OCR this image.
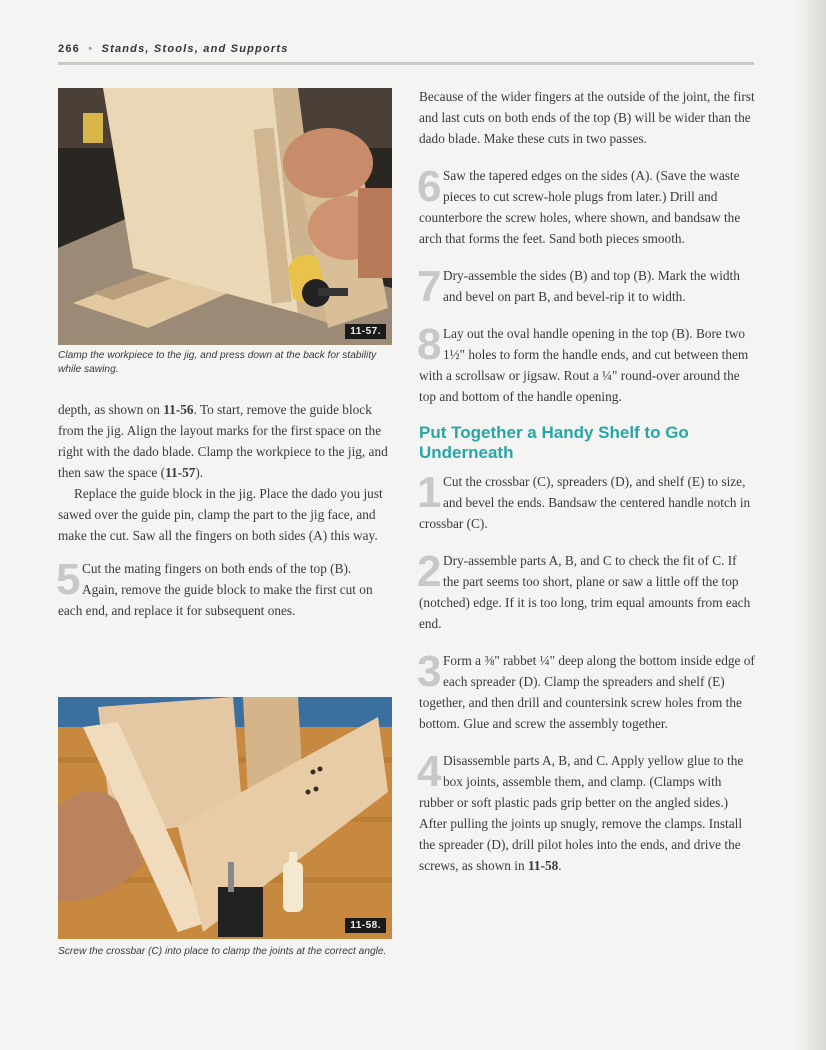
266 • Stands, Stools, and Supports
11-57.
Clamp the workpiece to the jig, and press down at the back for stability while sawing.

depth, as shown on 11-56. To start, remove the guide block from the jig. Align the layout marks for the first space on the right with the dado blade. Clamp the workpiece to the jig, and then saw the space (11-57).

Replace the guide block in the jig. Place the dado you just sawed over the guide pin, clamp the part to the jig face, and make the cut. Saw all the fingers on both sides (A) this way.

5 Cut the mating fingers on both ends of the top (B). Again, remove the guide block to make the first cut on each end, and replace it for subsequent ones.

11-58.
Screw the crossbar (C) into place to clamp the joints at the correct angle.

Because of the wider fingers at the outside of the joint, the first and last cuts on both ends of the top (B) will be wider than the dado blade. Make these cuts in two passes.

6 Saw the tapered edges on the sides (A). (Save the waste pieces to cut screw-hole plugs from later.) Drill and counterbore the screw holes, where shown, and bandsaw the arch that forms the feet. Sand both pieces smooth.

7 Dry-assemble the sides (B) and top (B). Mark the width and bevel on part B, and bevel-rip it to width.

8 Lay out the oval handle opening in the top (B). Bore two 1½" holes to form the handle ends, and cut between them with a scrollsaw or jigsaw. Rout a ¼" round-over around the top and bottom of the handle opening.

Put Together a Handy Shelf to Go Underneath

1 Cut the crossbar (C), spreaders (D), and shelf (E) to size, and bevel the ends. Bandsaw the centered handle notch in crossbar (C).

2 Dry-assemble parts A, B, and C to check the fit of C. If the part seems too short, plane or saw a little off the top (notched) edge. If it is too long, trim equal amounts from each end.

3 Form a ⅜" rabbet ¼" deep along the bottom inside edge of each spreader (D). Clamp the spreaders and shelf (E) together, and then drill and countersink screw holes from the bottom. Glue and screw the assembly together.

4 Disassemble parts A, B, and C. Apply yellow glue to the box joints, assemble them, and clamp. (Clamps with rubber or soft plastic pads grip better on the angled sides.) After pulling the joints up snugly, remove the clamps. Install the spreader (D), drill pilot holes into the ends, and drive the screws, as shown in 11-58.
